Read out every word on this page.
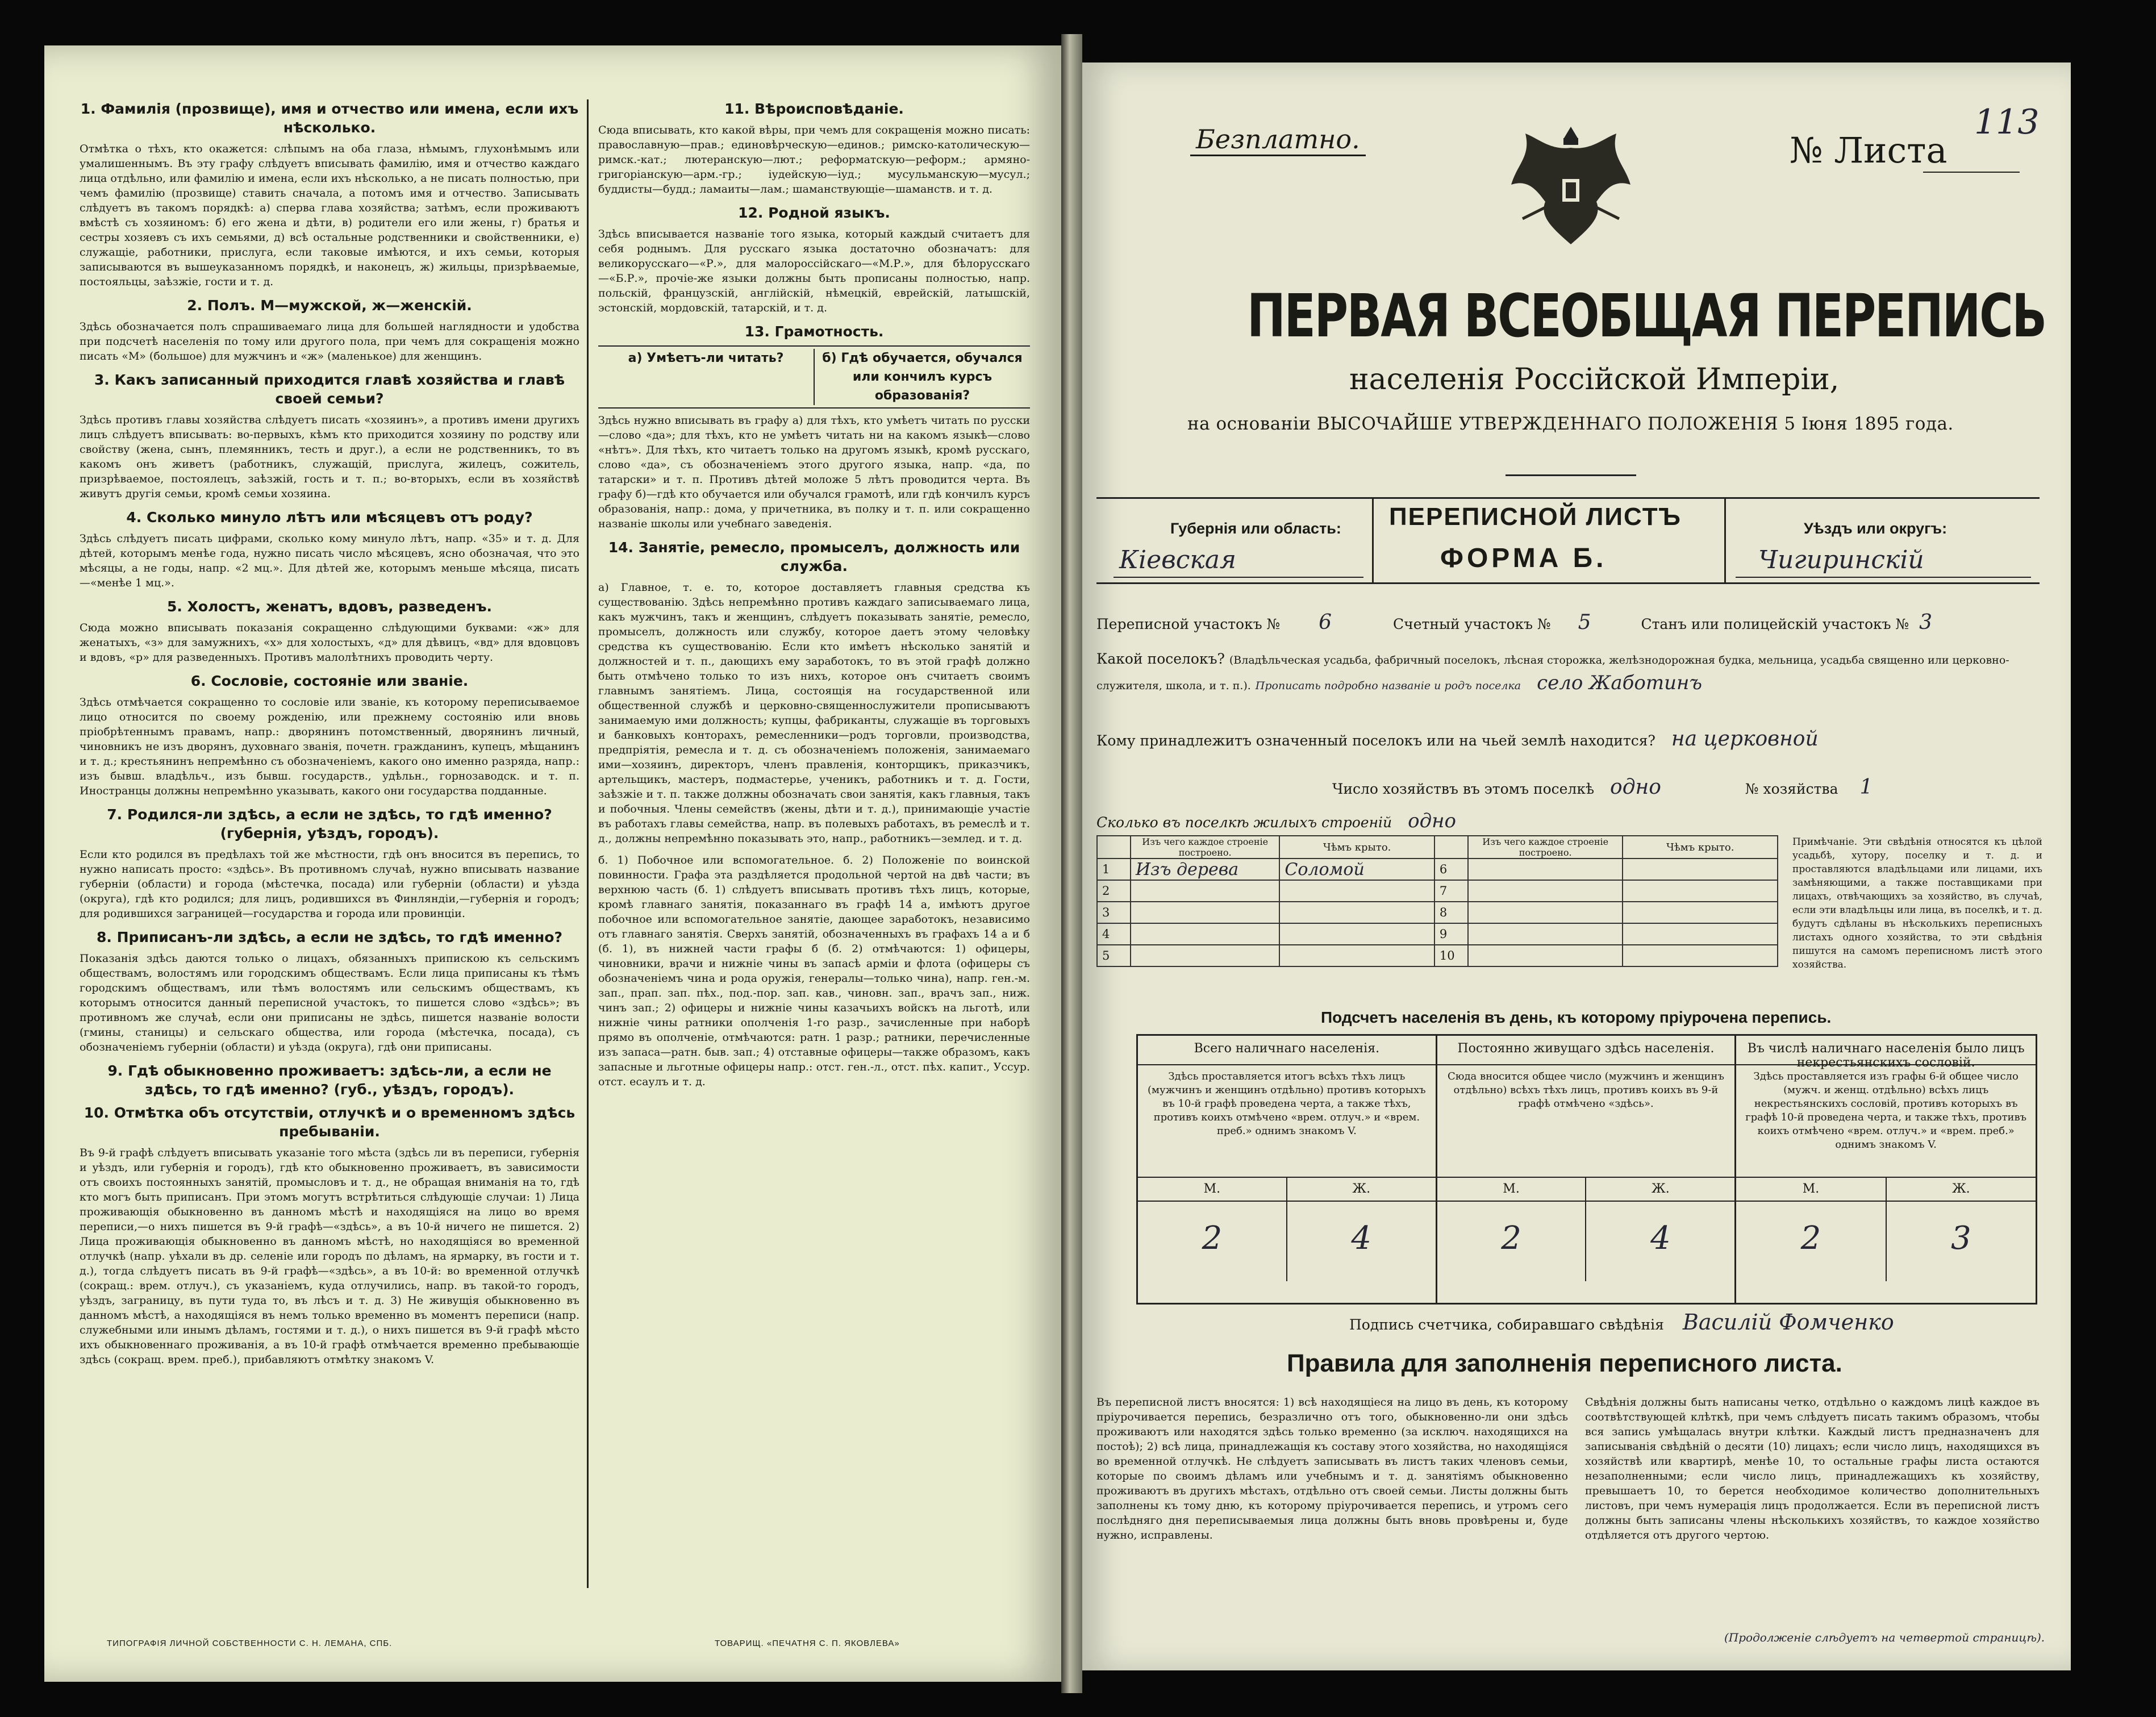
1. Фамилія (прозвище), имя и отчество или имена, если ихъ нѣсколько.
Отмѣтка о тѣхъ, кто окажется: слѣпымъ на оба глаза, нѣмымъ, глухонѣмымъ или умалишеннымъ. Въ эту графу слѣдуетъ вписывать фамилію, имя и отчество каждаго лица отдѣльно, или фамилію и имена, если ихъ нѣсколько, а не писать полностью, при чемъ фамилію (прозвище) ставить сначала, а потомъ имя и отчество. Записывать слѣдуетъ въ такомъ порядкѣ: а) сперва глава хозяйства; затѣмъ, если проживаютъ вмѣстѣ съ хозяиномъ: б) его жена и дѣти, в) родители его или жены, г) братья и сестры хозяевъ съ ихъ семьями, д) всѣ остальные родственники и свойственники, е) служащіе, работники, прислуга, если таковые имѣются, и ихъ семьи, которыя записываются въ вышеуказанномъ порядкѣ, и наконецъ, ж) жильцы, призрѣваемые, постояльцы, заѣзжіе, гости и т. д.
2. Полъ. М—мужской, ж—женскій.
Здѣсь обозначается полъ спрашиваемаго лица для большей наглядности и удобства при подсчетѣ населенія по тому или другого пола, при чемъ для сокращенія можно писать «М» (большое) для мужчинъ и «ж» (маленькое) для женщинъ.
3. Какъ записанный приходится главѣ хозяйства и главѣ своей семьи?
Здѣсь противъ главы хозяйства слѣдуетъ писать «хозяинъ», а противъ имени другихъ лицъ слѣдуетъ вписывать: во-первыхъ, кѣмъ кто приходится хозяину по родству или свойству (жена, сынъ, племянникъ, тесть и друг.), а если не родственникъ, то въ какомъ онъ живетъ (работникъ, служащій, прислуга, жилецъ, сожитель, призрѣваемое, постоялецъ, заѣзжій, гость и т. п.; во-вторыхъ, если въ хозяйствѣ живутъ другія семьи, кромѣ семьи хозяина.
4. Сколько минуло лѣтъ или мѣсяцевъ отъ роду?
Здѣсь слѣдуетъ писать цифрами, сколько кому минуло лѣтъ, напр. «35» и т. д. Для дѣтей, которымъ менѣе года, нужно писать число мѣсяцевъ, ясно обозначая, что это мѣсяцы, а не годы, напр. «2 мц.». Для дѣтей же, которымъ меньше мѣсяца, писать—«менѣе 1 мц.».
5. Холостъ, женатъ, вдовъ, разведенъ.
Сюда можно вписывать показанія сокращенно слѣдующими буквами: «ж» для женатыхъ, «з» для замужнихъ, «х» для холостыхъ, «д» для дѣвицъ, «вд» для вдовцовъ и вдовъ, «р» для разведенныхъ. Противъ малолѣтнихъ проводить черту.
6. Сословіе, состояніе или званіе.
Здѣсь отмѣчается сокращенно то сословіе или званіе, къ которому переписываемое лицо относится по своему рожденію, или прежнему состоянію или вновь пріобрѣтеннымъ правамъ, напр.: дворянинъ потомственный, дворянинъ личный, чиновникъ не изъ дворянъ, духовнаго званія, почетн. гражданинъ, купецъ, мѣщанинъ и т. д.; крестьянинъ непремѣнно съ обозначеніемъ, какого оно именно разряда, напр.: изъ бывш. владѣльч., изъ бывш. государств., удѣльн., горнозаводск. и т. п. Иностранцы должны непремѣнно указывать, какого они государства подданные.
7. Родился-ли здѣсь, а если не здѣсь, то гдѣ именно? (губернія, уѣздъ, городъ).
Если кто родился въ предѣлахъ той же мѣстности, гдѣ онъ вносится въ перепись, то нужно написать просто: «здѣсь». Въ противномъ случаѣ, нужно вписывать название губерніи (области) и города (мѣстечка, посада) или губерніи (области) и уѣзда (округа), гдѣ кто родился; для лицъ, родившихся въ Финляндіи,—губернія и городъ; для родившихся заграницей—государства и города или провинціи.
8. Приписанъ-ли здѣсь, а если не здѣсь, то гдѣ именно?
Показанія здѣсь даются только о лицахъ, обязанныхъ припискою къ сельскимъ обществамъ, волостямъ или городскимъ обществамъ. Если лица приписаны къ тѣмъ городскимъ обществамъ, или тѣмъ волостямъ или сельскимъ обществамъ, къ которымъ относится данный переписной участокъ, то пишется слово «здѣсь»; въ противномъ же случаѣ, если они приписаны не здѣсь, пишется названіе волости (гмины, станицы) и сельскаго общества, или города (мѣстечка, посада), съ обозначеніемъ губерніи (области) и уѣзда (округа), гдѣ они приписаны.
9. Гдѣ обыкновенно проживаетъ: здѣсь-ли, а если не здѣсь, то гдѣ именно? (губ., уѣздъ, городъ).
10. Отмѣтка объ отсутствіи, отлучкѣ и о временномъ здѣсь пребываніи.
Въ 9-й графѣ слѣдуетъ вписывать указаніе того мѣста (здѣсь ли въ переписи, губернія и уѣздъ, или губернія и городъ), гдѣ кто обыкновенно проживаетъ, въ зависимости отъ своихъ постоянныхъ занятій, промысловъ и т. д., не обращая вниманія на то, гдѣ кто могъ быть приписанъ. При этомъ могутъ встрѣтиться слѣдующіе случаи: 1) Лица проживающія обыкновенно въ данномъ мѣстѣ и находящіяся на лицо во время переписи,—о нихъ пишется въ 9-й графѣ—«здѣсь», а въ 10-й ничего не пишется. 2) Лица проживающія обыкновенно въ данномъ мѣстѣ, но находящіяся во временной отлучкѣ (напр. уѣхали въ др. селеніе или городъ по дѣламъ, на ярмарку, въ гости и т. д.), тогда слѣдуетъ писать въ 9-й графѣ—«здѣсь», а въ 10-й: во временной отлучкѣ (сокращ.: врем. отлуч.), съ указаніемъ, куда отлучились, напр. въ такой-то городъ, уѣздъ, заграницу, въ пути туда то, въ лѣсъ и т. д. 3) Не живущія обыкновенно въ данномъ мѣстѣ, а находящіяся въ немъ только временно въ моментъ переписи (напр. служебными или инымъ дѣламъ, гостями и т. д.), о нихъ пишется въ 9-й графѣ мѣсто ихъ обыкновеннаго проживанія, а въ 10-й графѣ отмѣчается временно пребывающіе здѣсь (сокращ. врем. преб.), прибавляютъ отмѣтку знакомъ V.
11. Вѣроисповѣданіе.
Сюда вписывать, кто какой вѣры, при чемъ для сокращенія можно писать: православную—прав.; единовѣрческую—единов.; римско-католическую—римск.-кат.; лютеранскую—лют.; реформатскую—реформ.; армяно-григоріанскую—арм.-гр.; іудейскую—іуд.; мусульманскую—мусул.; буддисты—будд.; ламаиты—лам.; шаманствующіе—шаманств. и т. д.
12. Родной языкъ.
Здѣсь вписывается названіе того языка, который каждый считаетъ для себя роднымъ. Для русскаго языка достаточно обозначатъ: для великорусскаго—«Р.», для малороссійскаго—«М.Р.», для бѣлорусскаго—«Б.Р.», прочіе-же языки должны быть прописаны полностью, напр. польскій, французскій, англійскій, нѣмецкій, еврейскій, латышскій, эстонскій, мордовскій, татарскій, и т. д.
13. Грамотность.
а) Умѣетъ-ли читать?	б) Гдѣ обучается, обучался или кончилъ курсъ образованія?
Здѣсь нужно вписывать въ графу а) для тѣхъ, кто умѣетъ читать по русски—слово «да»; для тѣхъ, кто не умѣетъ читать ни на какомъ языкѣ—слово «нѣтъ». Для тѣхъ, кто читаетъ только на другомъ языкѣ, кромѣ русскаго, слово «да», съ обозначеніемъ этого другого языка, напр. «да, по татарски» и т. п. Противъ дѣтей моложе 5 лѣтъ проводится черта. Въ графу б)—гдѣ кто обучается или обучался грамотѣ, или гдѣ кончилъ курсъ образованія, напр.: дома, у причетника, въ полку и т. п. или сокращенно названіе школы или учебнаго заведенія.
14. Занятіе, ремесло, промыселъ, должность или служба.
а) Главное, т. е. то, которое доставляетъ главныя средства къ существованію. Здѣсь непремѣнно противъ каждаго записываемаго лица, какъ мужчинъ, такъ и женщинъ, слѣдуетъ показывать занятіе, ремесло, промыселъ, должность или службу, которое даетъ этому человѣку средства къ существованію. Если кто имѣетъ нѣсколько занятій и должностей и т. п., дающихъ ему заработокъ, то въ этой графѣ должно быть отмѣчено только то изъ нихъ, которое онъ считаетъ своимъ главнымъ занятіемъ. Лица, состоящія на государственной или общественной службѣ и церковно-священнослужители прописываютъ занимаемую ими должность; купцы, фабриканты, служащіе въ торговыхъ и банковыхъ конторахъ, ремесленники—родъ торговли, производства, предпріятія, ремесла и т. д. съ обозначеніемъ положенія, занимаемаго ими—хозяинъ, директоръ, членъ правленія, конторщикъ, приказчикъ, артельщикъ, мастеръ, подмастерье, ученикъ, работникъ и т. д. Гости, заѣзжіе и т. п. также должны обозначать свои занятія, какъ главныя, такъ и побочныя. Члены семействъ (жены, дѣти и т. д.), принимающіе участіе въ работахъ главы семейства, напр. въ полевыхъ работахъ, въ ремеслѣ и т. д., должны непремѣнно показывать это, напр., работникъ—землед. и т. д.
б. 1) Побочное или вспомогательное. б. 2) Положеніе по воинской повинности. Графа эта раздѣляется продольной чертой на двѣ части; въ верхнюю часть (б. 1) слѣдуетъ вписывать противъ тѣхъ лицъ, которые, кромѣ главнаго занятія, показаннаго въ графѣ 14 а, имѣютъ другое побочное или вспомогательное занятіе, дающее заработокъ, независимо отъ главнаго занятія. Сверхъ занятій, обозначенныхъ въ графахъ 14 а и б (б. 1), въ нижней части графы б (б. 2) отмѣчаются: 1) офицеры, чиновники, врачи и нижніе чины въ запасѣ армiи и флота (офицеры съ обозначеніемъ чина и рода оружія, генералы—только чина), напр. ген.-м. зап., прап. зап. пѣх., под.-пор. зап. кав., чиновн. зап., врачъ зап., ниж. чинъ зап.; 2) офицеры и нижніе чины казачьихъ войскъ на льготѣ, или нижніе чины ратники ополченія 1-го разр., зачисленные при наборѣ прямо въ ополченіе, отмѣчаются: ратн. 1 разр.; ратники, перечисленные изъ запаса—ратн. быв. зап.; 4) отставные офицеры—также образомъ, какъ запасные и льготные офицеры напр.: отст. ген.-л., отст. пѣх. капит., Уссур. отст. есаулъ и т. д.
ТИПОГРАФІЯ ЛИЧНОЙ СОБСТВЕННОСТИ С. Н. ЛЕМАНА, СПБ.	ТОВАРИЩ. «ПЕЧАТНЯ С. П. ЯКОВЛЕВА»
Безплатно.	№ Листа
113
ПЕРВАЯ ВСЕОБЩАЯ ПЕРЕПИСЬ
населенія Россійской Имперіи,
на основаніи ВЫСОЧАЙШЕ УТВЕРЖДЕННАГО ПОЛОЖЕНІЯ 5 Іюня 1895 года.
Губернія или область:
Кіевская
ПЕРЕПИСНОЙ ЛИСТЪ
ФОРМА Б.
Уѣздъ или округъ:
Чигиринскій
Переписной участокъ № 6	Счетный участокъ № 5	Станъ или полицейскій участокъ № 3
Какой поселокъ? (Владѣльческая усадьба, фабричный поселокъ, лѣсная сторожка, желѣзнодорожная будка, мельница, усадьба священно или церковно-служителя, школа, и т. п.). Прописать подробно названіе и родъ поселка село Жаботинъ
Кому принадлежитъ означенный поселокъ или на чьей землѣ находится? на церковной
Число хозяйствъ въ этомъ поселкѣ одно	№ хозяйства 1
Сколько въ поселкѣ жилыхъ строеній одно
	Изъ чего каждое строеніе построено.	Чѣмъ крыто.		Изъ чего каждое строеніе построено.	Чѣмъ крыто.
1	Изъ дерева	Соломой	6		
2			7		
3			8		
4			9		
5			10		
Примѣчаніе. Эти свѣдѣнія относятся къ цѣлой усадьбѣ, хутору, поселку и т. д. и проставляются владѣльцами или лицами, ихъ замѣняющими, а также поставщиками при лицахъ, отвѣчающихъ за хозяйство, въ случаѣ, если эти владѣльцы или лица, въ поселкѣ, и т. д. будутъ сдѣланы въ нѣсколькихъ переписныхъ листахъ одного хозяйства, то эти свѣдѣнія пишутся на самомъ переписномъ листѣ этого хозяйства.
Подсчетъ населенія въ день, къ которому пріурочена перепись.
Всего наличнаго населенія.
Здѣсь проставляется итогъ всѣхъ тѣхъ лицъ (мужчинъ и женщинъ отдѣльно) противъ которыхъ въ 10-й графѣ проведена черта, а также тѣхъ, противъ коихъ отмѣчено «врем. отлуч.» и «врем. преб.» однимъ знакомъ V.
М.	Ж.
2	4
Постоянно живущаго здѣсь населенія.
Сюда вносится общее число (мужчинъ и женщинъ отдѣльно) всѣхъ тѣхъ лицъ, противъ коихъ въ 9-й графѣ отмѣчено «здѣсь».
М.	Ж.
2	4
Въ числѣ наличнаго населенія было лицъ некрестьянскихъ сословій.
Здѣсь проставляется изъ графы 6-й общее число (мужч. и женщ. отдѣльно) всѣхъ лицъ некрестьянскихъ сословій, противъ которыхъ въ графѣ 10-й проведена черта, и также тѣхъ, противъ коихъ отмѣчено «врем. отлуч.» и «врем. преб.» однимъ знакомъ V.
М.	Ж.
2	3
Подпись счетчика, собиравшаго свѣдѣнія Василій Фомченко
Правила для заполненія переписного листа.
Въ переписной листъ вносятся: 1) всѣ находящіеся на лицо въ день, къ которому пріурочивается перепись, безразлично отъ того, обыкновенно-ли они здѣсь проживаютъ или находятся здѣсь только временно (за исключ. находящихся на постоѣ); 2) всѣ лица, принадлежащія къ составу этого хозяйства, но находящіяся во временной отлучкѣ. Не слѣдуетъ записывать въ листъ таких членовъ семьи, которые по своимъ дѣламъ или учебнымъ и т. д. занятіямъ обыкновенно проживаютъ въ другихъ мѣстахъ, отдѣльно отъ своей семьи. Листы должны быть заполнены къ тому дню, къ которому пріурочивается перепись, и утромъ сего послѣдняго дня переписываемыя лица должны быть вновь провѣрены и, буде нужно, исправлены.
Свѣдѣнія должны быть написаны четко, отдѣльно о каждомъ лицѣ каждое въ соотвѣтствующей клѣткѣ, при чемъ слѣдуетъ писать такимъ образомъ, чтобы вся запись умѣщалась внутри клѣтки. Каждый листъ предназначенъ для записыванія свѣдѣній о десяти (10) лицахъ; если число лицъ, находящихся въ хозяйствѣ или квартирѣ, менѣе 10, то остальные графы листа остаются незаполненными; если число лицъ, принадлежащихъ къ хозяйству, превышаетъ 10, то берется необходимое количество дополнительныхъ листовъ, при чемъ нумерація лицъ продолжается. Если въ переписной листъ должны быть записаны члены нѣсколькихъ хозяйствъ, то каждое хозяйство отдѣляется отъ другого чертою.
(Продолженіе слѣдуетъ на четвертой страницѣ).
